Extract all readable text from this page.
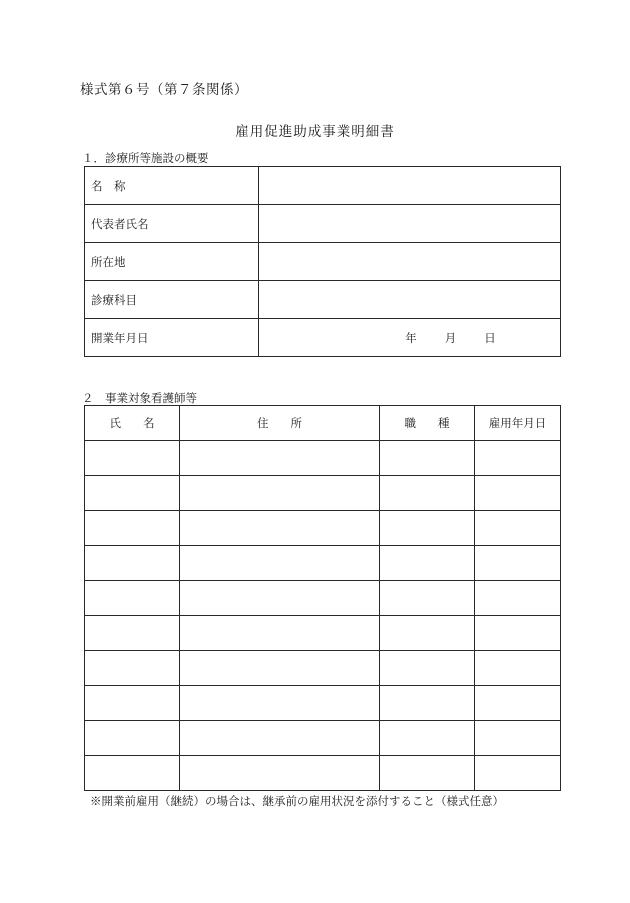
様式第６号（第７条関係）
雇用促進助成事業明細書
１．診療所等施設の概要
名　称	
代表者氏名	
所在地	
診療科目	
開業年月日	年 月 日
２　事業対象看護師等
氏名	住所	職種	雇用年月日

※開業前雇用（継続）の場合は、継承前の雇用状況を添付すること（様式任意）
